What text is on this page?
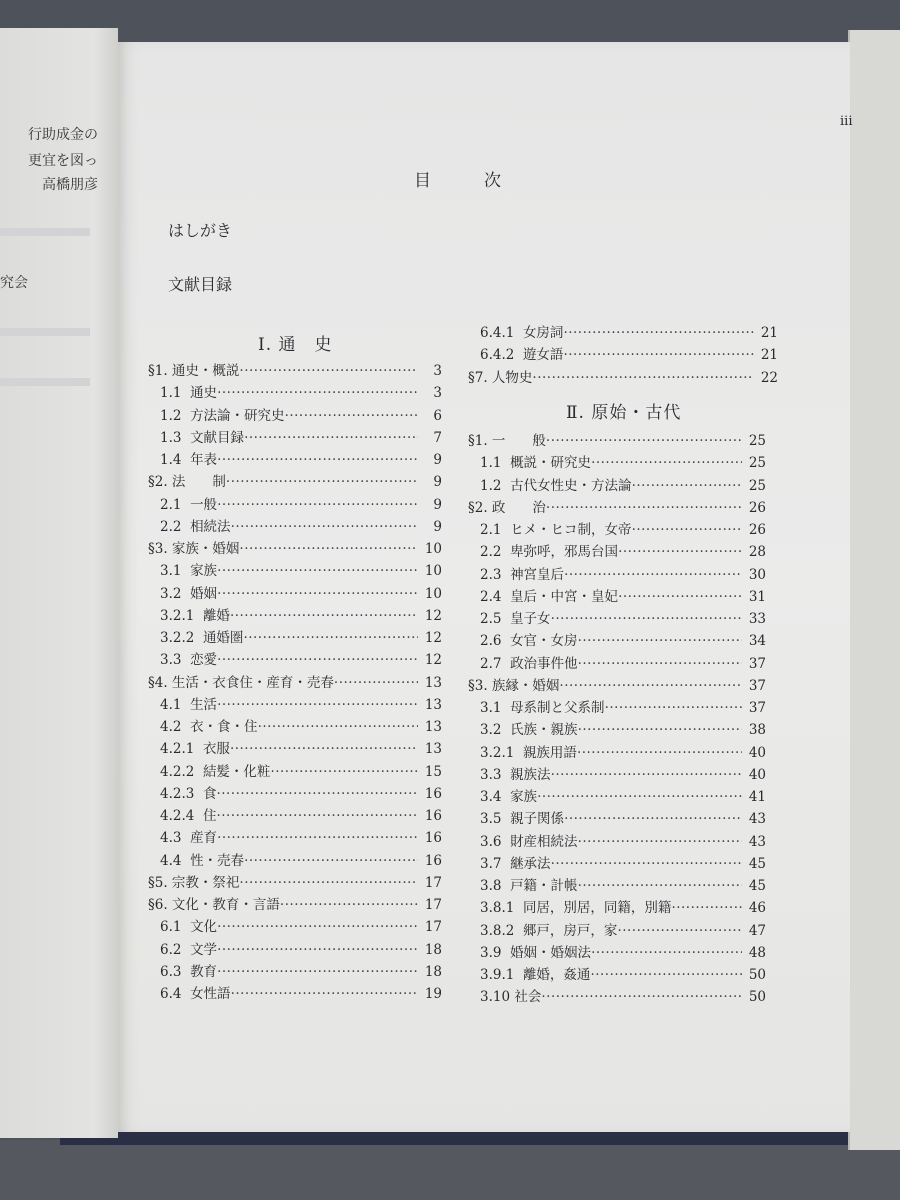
行助成金の
更宜を図っ
高橋朋彦
究会
iii
目	次
はしがき
文献目録
Ⅰ. 通　史
§1. 通史・概説 ·····	3
1.1 通史 ·····	3
1.2 方法論・研究史 ·····	6
1.3 文献目録 ·····	7
1.4 年表 ·····	9
§2. 法　　制 ·····	9
2.1 一般 ·····	9
2.2 相続法 ·····	9
§3. 家族・婚姻 ·····	10
3.1 家族 ·····	10
3.2 婚姻 ·····	10
3.2.1 離婚 ·····	12
3.2.2 通婚圏 ·····	12
3.3 恋愛 ·····	12
§4. 生活・衣食住・産育・売春 ·····	13
4.1 生活 ·····	13
4.2 衣・食・住 ·····	13
4.2.1 衣服 ·····	13
4.2.2 結髪・化粧 ·····	15
4.2.3 食 ·····	16
4.2.4 住 ·····	16
4.3 産育 ·····	16
4.4 性・売春 ·····	16
§5. 宗教・祭祀 ·····	17
§6. 文化・教育・言語 ·····	17
6.1 文化 ·····	17
6.2 文学 ·····	18
6.3 教育 ·····	18
6.4 女性語 ·····	19
6.4.1 女房詞 ·····	21
6.4.2 遊女語 ·····	21
§7. 人物史 ·····	22
Ⅱ. 原始・古代
§1. 一　　般 ·····	25
1.1 概説・研究史 ·····	25
1.2 古代女性史・方法論 ·····	25
§2. 政　　治 ·····	26
2.1 ヒメ・ヒコ制，女帝 ·····	26
2.2 卑弥呼，邪馬台国 ·····	28
2.3 神宮皇后 ·····	30
2.4 皇后・中宮・皇妃 ·····	31
2.5 皇子女 ·····	33
2.6 女官・女房 ·····	34
2.7 政治事件他 ·····	37
§3. 族縁・婚姻 ·····	37
3.1 母系制と父系制 ·····	37
3.2 氏族・親族 ·····	38
3.2.1 親族用語 ·····	40
3.3 親族法 ·····	40
3.4 家族 ·····	41
3.5 親子関係 ·····	43
3.6 財産相続法 ·····	43
3.7 継承法 ·····	45
3.8 戸籍・計帳 ·····	45
3.8.1 同居，別居，同籍，別籍 ·····	46
3.8.2 郷戸，房戸，家 ·····	47
3.9 婚姻・婚姻法 ·····	48
3.9.1 離婚，姦通 ·····	50
3.10 社会 ·····	50
